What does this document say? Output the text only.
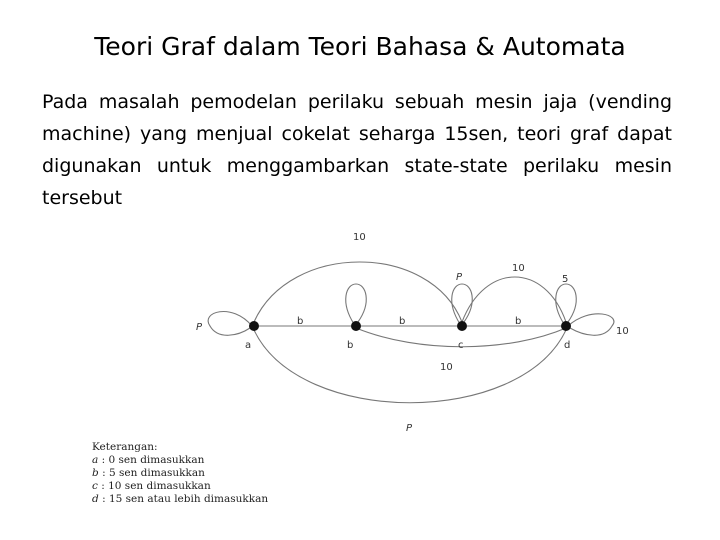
Teori Graf dalam Teori Bahasa & Automata
Pada masalah pemodelan perilaku sebuah mesin jaja (vending machine) yang menjual cokelat seharga 15sen, teori graf dapat digunakan untuk menggambarkan state-state perilaku mesin tersebut
a	b	c	d
P
P	5
10
b	b	b
10
10
10
P
Keterangan:
a : 0 sen dimasukkan
b : 5 sen dimasukkan
c : 10 sen dimasukkan
d : 15 sen atau lebih dimasukkan
